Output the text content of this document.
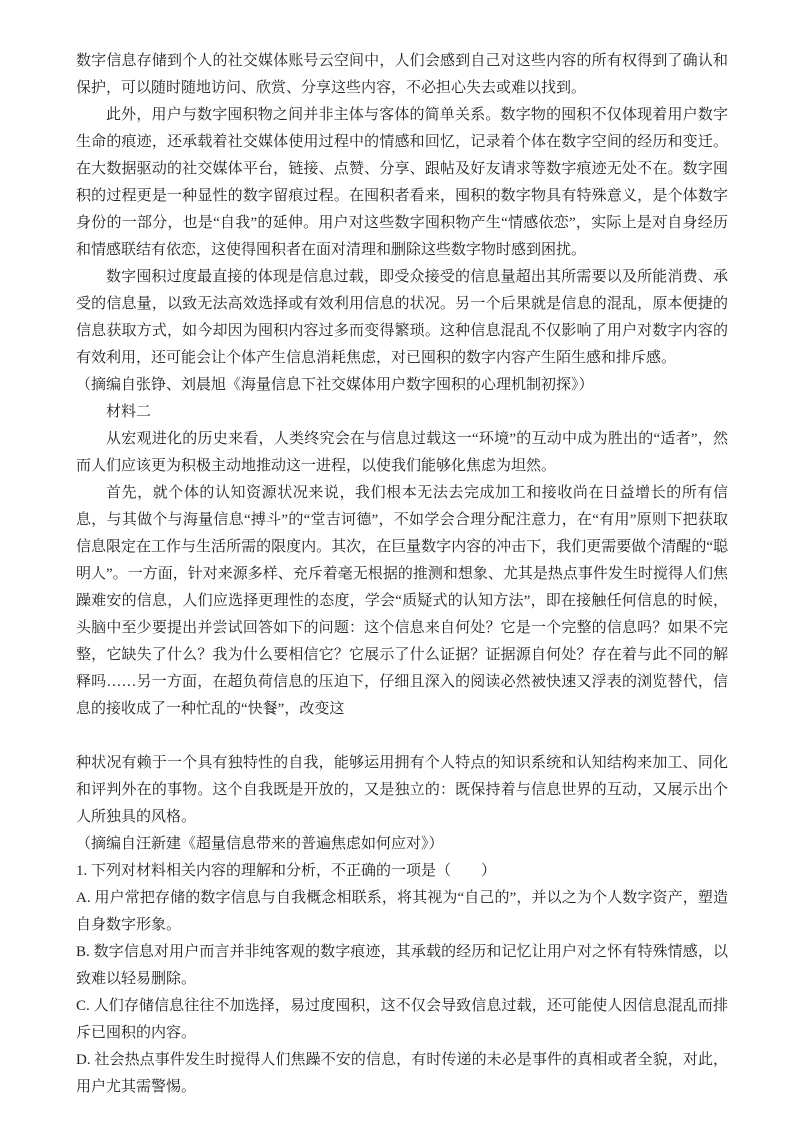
数字信息存储到个人的社交媒体账号云空间中，人们会感到自己对这些内容的所有权得到了确认和保护，可以随时随地访问、欣赏、分享这些内容，不必担心失去或难以找到。

此外，用户与数字囤积物之间并非主体与客体的简单关系。数字物的囤积不仅体现着用户数字生命的痕迹，还承载着社交媒体使用过程中的情感和回忆，记录着个体在数字空间的经历和变迁。在大数据驱动的社交媒体平台，链接、点赞、分享、跟帖及好友请求等数字痕迹无处不在。数字囤积的过程更是一种显性的数字留痕过程。在囤积者看来，囤积的数字物具有特殊意义，是个体数字身份的一部分，也是“自我”的延伸。用户对这些数字囤积物产生“情感依恋”，实际上是对自身经历和情感联结有依恋，这使得囤积者在面对清理和删除这些数字物时感到困扰。

数字囤积过度最直接的体现是信息过载，即受众接受的信息量超出其所需要以及所能消费、承受的信息量，以致无法高效选择或有效利用信息的状况。另一个后果就是信息的混乱，原本便捷的信息获取方式，如今却因为囤积内容过多而变得繁琐。这种信息混乱不仅影响了用户对数字内容的有效利用，还可能会让个体产生信息消耗焦虑，对已囤积的数字内容产生陌生感和排斥感。

（摘编自张铮、刘晨旭《海量信息下社交媒体用户数字囤积的心理机制初探》）

材料二

从宏观进化的历史来看，人类终究会在与信息过载这一“环境”的互动中成为胜出的“适者”，然而人们应该更为积极主动地推动这一进程，以使我们能够化焦虑为坦然。

首先，就个体的认知资源状况来说，我们根本无法去完成加工和接收尚在日益增长的所有信息，与其做个与海量信息“搏斗”的“堂吉诃德”，不如学会合理分配注意力，在“有用”原则下把获取信息限定在工作与生活所需的限度内。其次，在巨量数字内容的冲击下，我们更需要做个清醒的“聪明人”。一方面，针对来源多样、充斥着毫无根据的推测和想象、尤其是热点事件发生时搅得人们焦躁难安的信息，人们应选择更理性的态度，学会“质疑式的认知方法”，即在接触任何信息的时候，头脑中至少要提出并尝试回答如下的问题：这个信息来自何处？它是一个完整的信息吗？如果不完整，它缺失了什么？我为什么要相信它？它展示了什么证据？证据源自何处？存在着与此不同的解释吗……另一方面，在超负荷信息的压迫下，仔细且深入的阅读必然被快速又浮表的浏览替代，信息的接收成了一种忙乱的“快餐”，改变这

种状况有赖于一个具有独特性的自我，能够运用拥有个人特点的知识系统和认知结构来加工、同化和评判外在的事物。这个自我既是开放的，又是独立的：既保持着与信息世界的互动，又展示出个人所独具的风格。

（摘编自汪新建《超量信息带来的普遍焦虑如何应对》）

1. 下列对材料相关内容的理解和分析，不正确的一项是（　　）

A. 用户常把存储的数字信息与自我概念相联系，将其视为“自己的”，并以之为个人数字资产，塑造自身数字形象。

B. 数字信息对用户而言并非纯客观的数字痕迹，其承载的经历和记忆让用户对之怀有特殊情感，以致难以轻易删除。

C. 人们存储信息往往不加选择，易过度囤积，这不仅会导致信息过载，还可能使人因信息混乱而排斥已囤积的内容。

D. 社会热点事件发生时搅得人们焦躁不安的信息，有时传递的未必是事件的真相或者全貌，对此，用户尤其需警惕。
